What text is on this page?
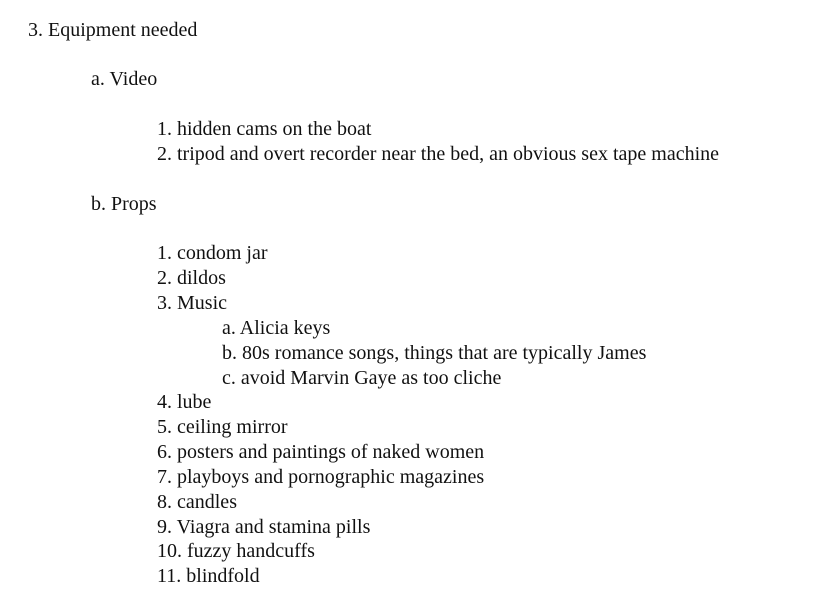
3. Equipment needed
a. Video
1. hidden cams on the boat
2. tripod and overt recorder near the bed, an obvious sex tape machine
b. Props
1. condom jar
2. dildos
3. Music
a. Alicia keys
b. 80s romance songs, things that are typically James
c. avoid Marvin Gaye as too cliche
4. lube
5. ceiling mirror
6. posters and paintings of naked women
7. playboys and pornographic magazines
8. candles
9. Viagra and stamina pills
10. fuzzy handcuffs
11. blindfold
